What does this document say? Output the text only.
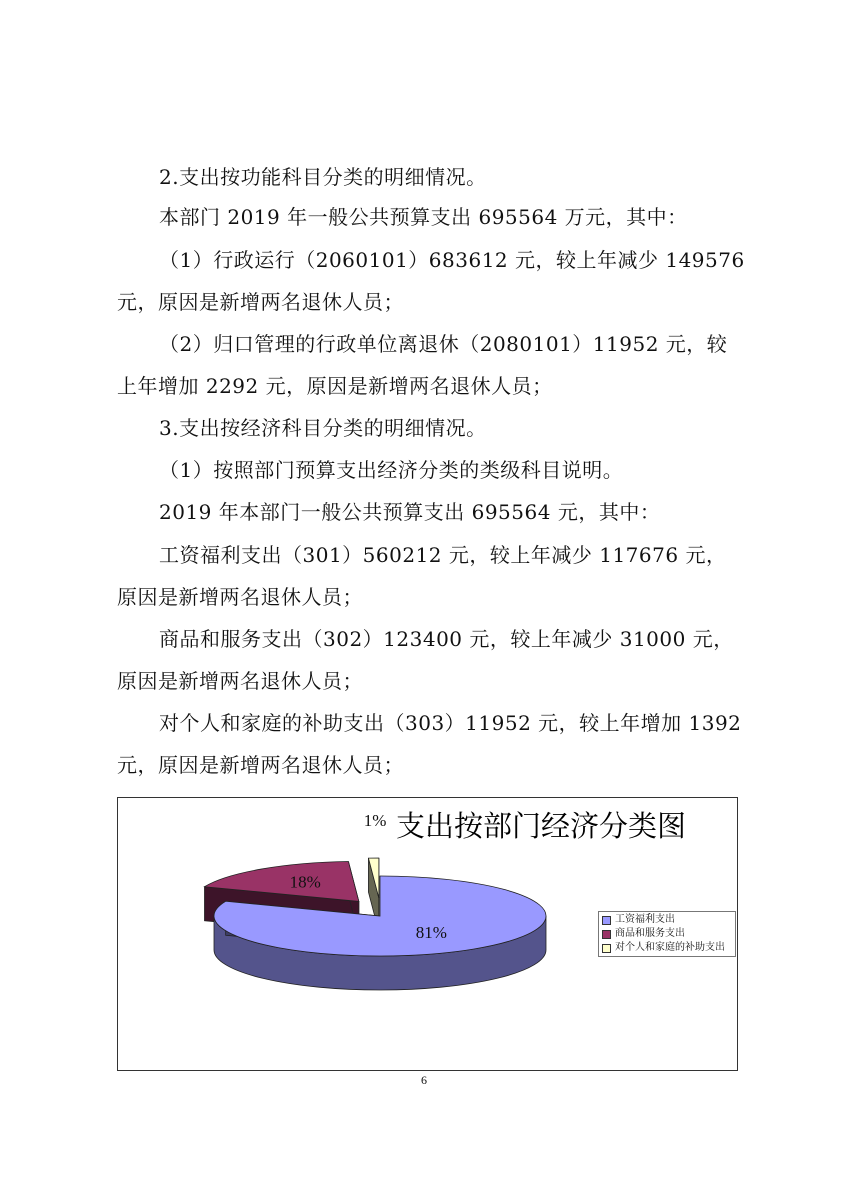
2.支出按功能科目分类的明细情况。
本部门 2019 年一般公共预算支出 695564 万元，其中：
（1）行政运行（2060101）683612 元，较上年减少 149576
元，原因是新增两名退休人员；
（2）归口管理的行政单位离退休（2080101）11952 元，较
上年增加 2292 元，原因是新增两名退休人员；
3.支出按经济科目分类的明细情况。
（1）按照部门预算支出经济分类的类级科目说明。
2019 年本部门一般公共预算支出 695564 元，其中：
工资福利支出（301）560212 元，较上年减少 117676 元，
原因是新增两名退休人员；
商品和服务支出（302）123400 元，较上年减少 31000 元，
原因是新增两名退休人员；
对个人和家庭的补助支出（303）11952 元，较上年增加 1392
元，原因是新增两名退休人员；
支出按部门经济分类图
1%
18%
81%
工资福利支出
商品和服务支出
对个人和家庭的补助支出
6
